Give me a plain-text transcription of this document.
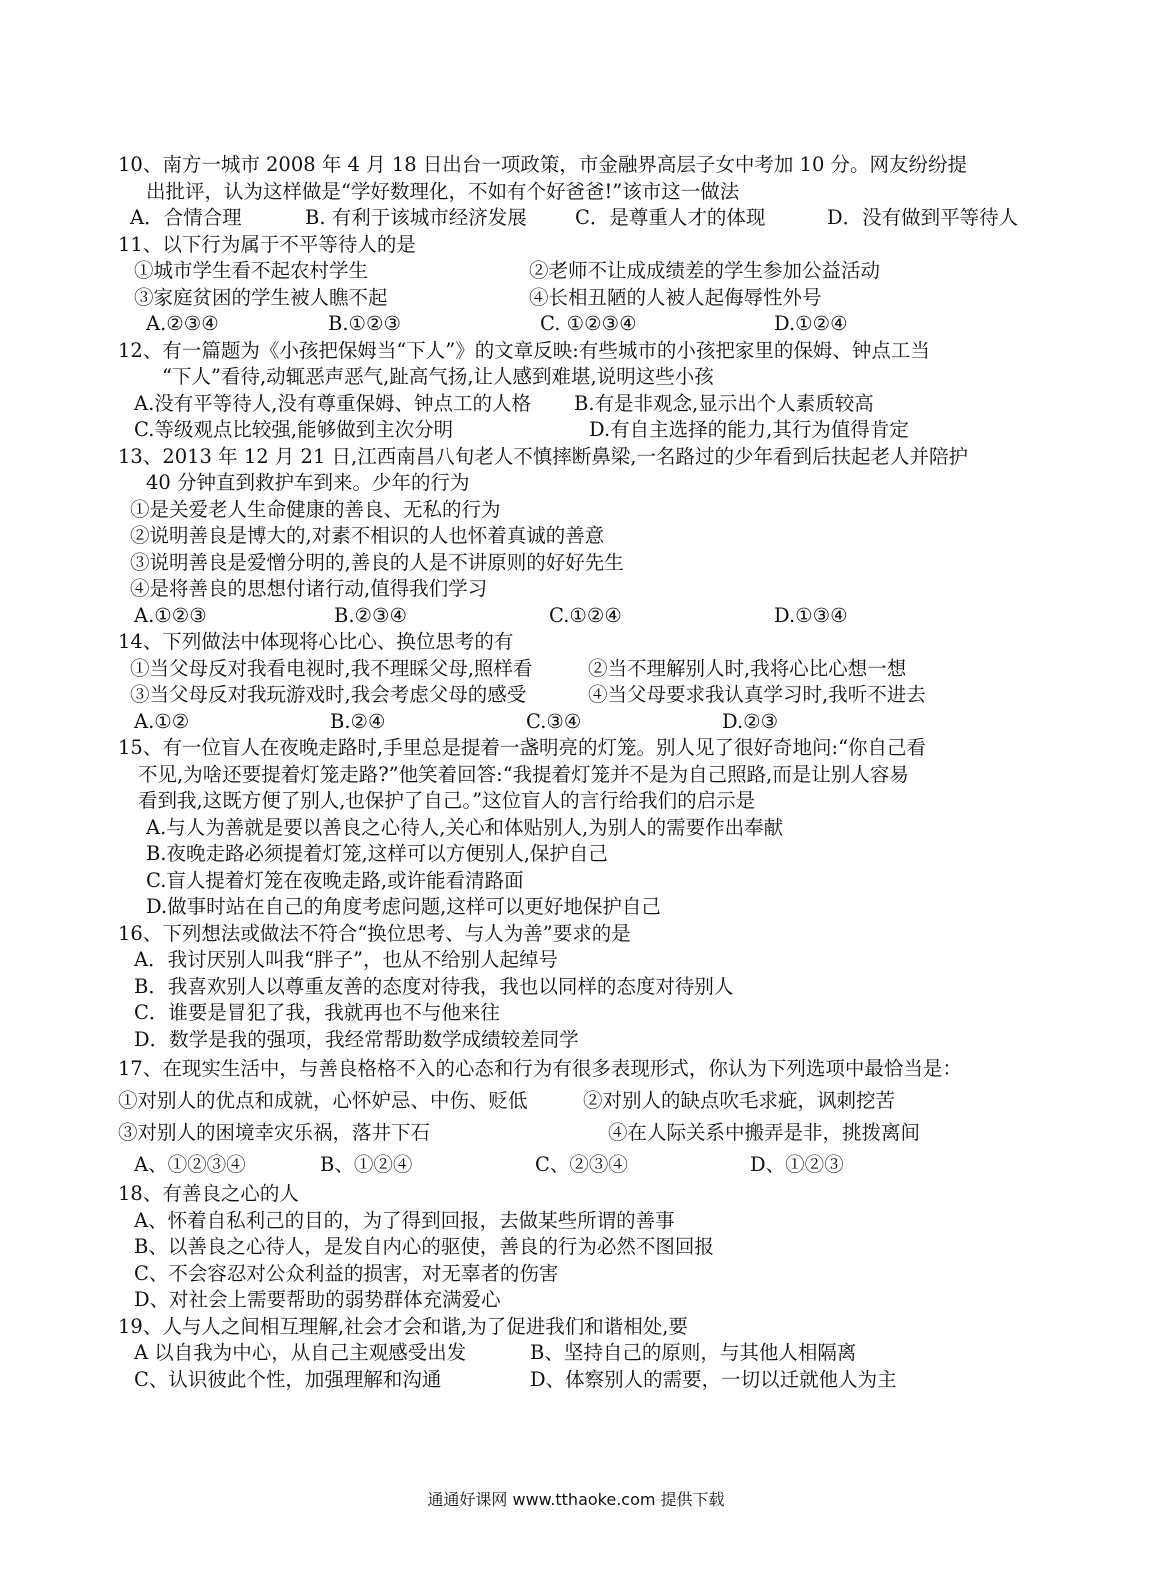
10、南方一城市 2008 年 4 月 18 日出台一项政策，市金融界高层子女中考加 10 分。网友纷纷提
出批评，认为这样做是“学好数理化，不如有个好爸爸!”该市这一做法
A．合情合理	B. 有利于该城市经济发展	C．是尊重人才的体现	D．没有做到平等待人
11、以下行为属于不平等待人的是
①城市学生看不起农村学生	②老师不让成成绩差的学生参加公益活动
③家庭贫困的学生被人瞧不起	④长相丑陋的人被人起侮辱性外号
A.②③④	B.①②③	C. ①②③④	D.①②④
12、有一篇题为《小孩把保姆当“下人”》的文章反映:有些城市的小孩把家里的保姆、钟点工当
“下人”看待,动辄恶声恶气,趾高气扬,让人感到难堪,说明这些小孩
A.没有平等待人,没有尊重保姆、钟点工的人格	B.有是非观念,显示出个人素质较高
C.等级观点比较强,能够做到主次分明	D.有自主选择的能力,其行为值得肯定
13、2013 年 12 月 21 日,江西南昌八旬老人不慎摔断鼻梁,一名路过的少年看到后扶起老人并陪护
40 分钟直到救护车到来。少年的行为
①是关爱老人生命健康的善良、无私的行为
②说明善良是博大的,对素不相识的人也怀着真诚的善意
③说明善良是爱憎分明的,善良的人是不讲原则的好好先生
④是将善良的思想付诸行动,值得我们学习
A.①②③	B.②③④	C.①②④	D.①③④
14、下列做法中体现将心比心、换位思考的有
①当父母反对我看电视时,我不理睬父母,照样看	②当不理解别人时,我将心比心想一想
③当父母反对我玩游戏时,我会考虑父母的感受	④当父母要求我认真学习时,我听不进去
A.①②	B.②④	C.③④	D.②③
15、有一位盲人在夜晚走路时,手里总是提着一盏明亮的灯笼。别人见了很好奇地问:“你自己看
不见,为啥还要提着灯笼走路?”他笑着回答:“我提着灯笼并不是为自己照路,而是让别人容易
看到我,这既方便了别人,也保护了自己。”这位盲人的言行给我们的启示是
A.与人为善就是要以善良之心待人,关心和体贴别人,为别人的需要作出奉献
B.夜晚走路必须提着灯笼,这样可以方便别人,保护自己
C.盲人提着灯笼在夜晚走路,或许能看清路面
D.做事时站在自己的角度考虑问题,这样可以更好地保护自己
16、下列想法或做法不符合“换位思考、与人为善”要求的是
A．我讨厌别人叫我“胖子”，也从不给别人起绰号
B．我喜欢别人以尊重友善的态度对待我，我也以同样的态度对待别人
C．谁要是冒犯了我，我就再也不与他来往
D．数学是我的强项，我经常帮助数学成绩较差同学
17、在现实生活中，与善良格格不入的心态和行为有很多表现形式，你认为下列选项中最恰当是：
①对别人的优点和成就，心怀妒忌、中伤、贬低	②对别人的缺点吹毛求疵，讽刺挖苦
③对别人的困境幸灾乐祸，落井下石	④在人际关系中搬弄是非，挑拨离间
A、①②③④	B、①②④	C、②③④	D、①②③
18、有善良之心的人
A、怀着自私利己的目的，为了得到回报，去做某些所谓的善事
B、以善良之心待人，是发自内心的驱使，善良的行为必然不图回报
C、不会容忍对公众利益的损害，对无辜者的伤害
D、对社会上需要帮助的弱势群体充满爱心
19、人与人之间相互理解,社会才会和谐,为了促进我们和谐相处,要
A 以自我为中心，从自己主观感受出发	B、坚持自己的原则，与其他人相隔离
C、认识彼此个性，加强理解和沟通	D、体察别人的需要，一切以迁就他人为主
通通好课网 www.tthaoke.com 提供下载
